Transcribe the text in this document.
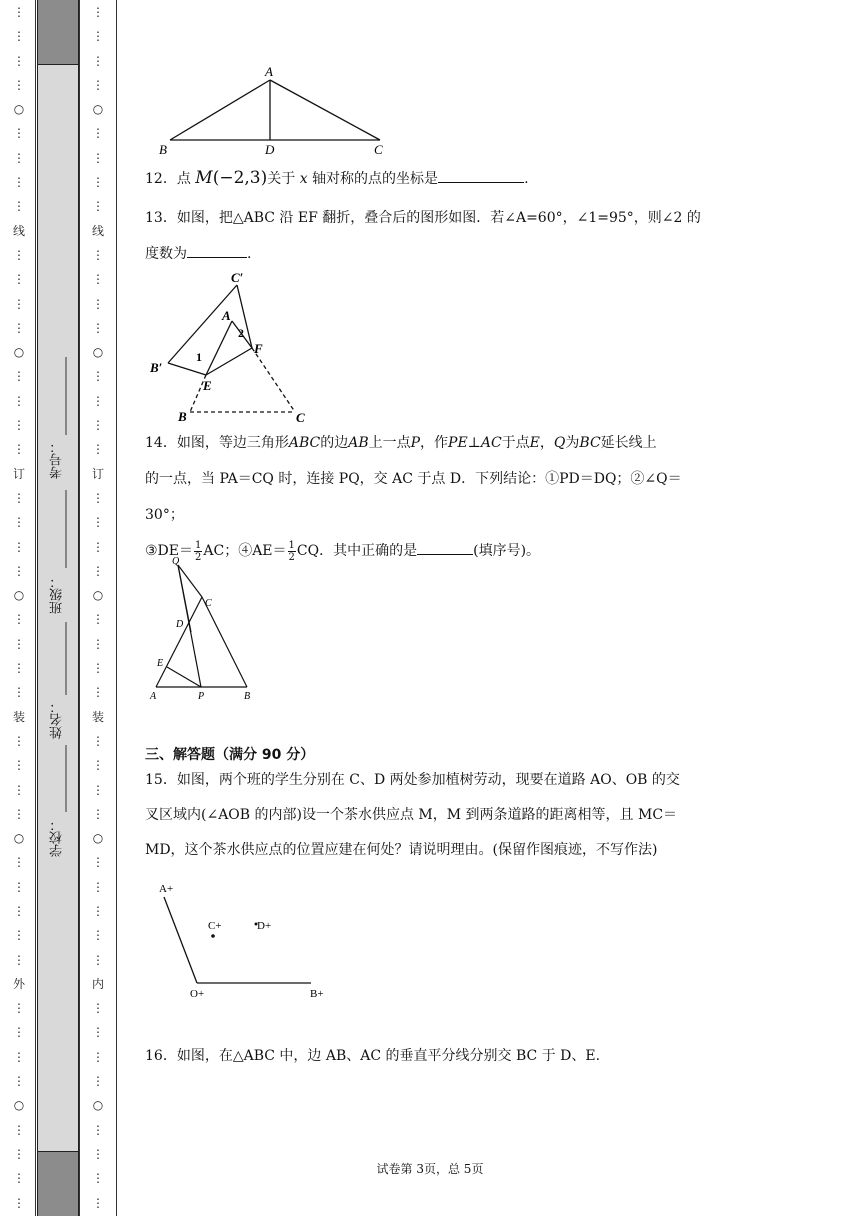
⋮
⋮
⋮
⋮
○
⋮
⋮
⋮
⋮
线
⋮
⋮
⋮
⋮
○
⋮
⋮
⋮
⋮
订
⋮
⋮
⋮
⋮
○
⋮
⋮
⋮
⋮
装
⋮
⋮
⋮
⋮
○
⋮
⋮
⋮
⋮
⋮
外
⋮
⋮
⋮
⋮
○
⋮
⋮
⋮
⋮
考号：
班级：
姓名：
学校：
⋮
⋮
⋮
⋮
○
⋮
⋮
⋮
⋮
线
⋮
⋮
⋮
⋮
○
⋮
⋮
⋮
⋮
订
⋮
⋮
⋮
⋮
○
⋮
⋮
⋮
⋮
装
⋮
⋮
⋮
⋮
○
⋮
⋮
⋮
⋮
⋮
内
⋮
⋮
⋮
⋮
○
⋮
⋮
⋮
⋮
A
B	D	C

12．点 M(−2,3)关于 x 轴对称的点的坐标是	.

13．如图，把△ABC 沿 EF 翻折，叠合后的图形如图．若∠A=60°，∠1=95°，则∠2 的

度数为	.

C′
A
2
1
F
B′
E
B	C

14．如图，等边三角形ABC的边AB上一点P，作PE⊥AC于点E，Q为BC延长线上

的一点，当 PA＝CQ 时，连接 PQ，交 AC 于点 D．下列结论：①PD＝DQ；②∠Q＝30°；

③DE＝ $\frac{1}{2}$ AC；④AE＝ $\frac{1}{2}$ CQ．其中正确的是	(填序号)。

Q
C
D
E
A	P	B
三、解答题（满分 90 分）

15．如图，两个班的学生分别在 C、D 两处参加植树劳动，现要在道路 AO、OB 的交

叉区域内(∠AOB 的内部)设一个茶水供应点 M，M 到两条道路的距离相等，且 MC＝

MD，这个茶水供应点的位置应建在何处？请说明理由。(保留作图痕迹，不写作法)

A+
C+	D+
O+	B+

16．如图，在△ABC 中，边 AB、AC 的垂直平分线分别交 BC 于 D、E.

试卷第 3页，总 5页
